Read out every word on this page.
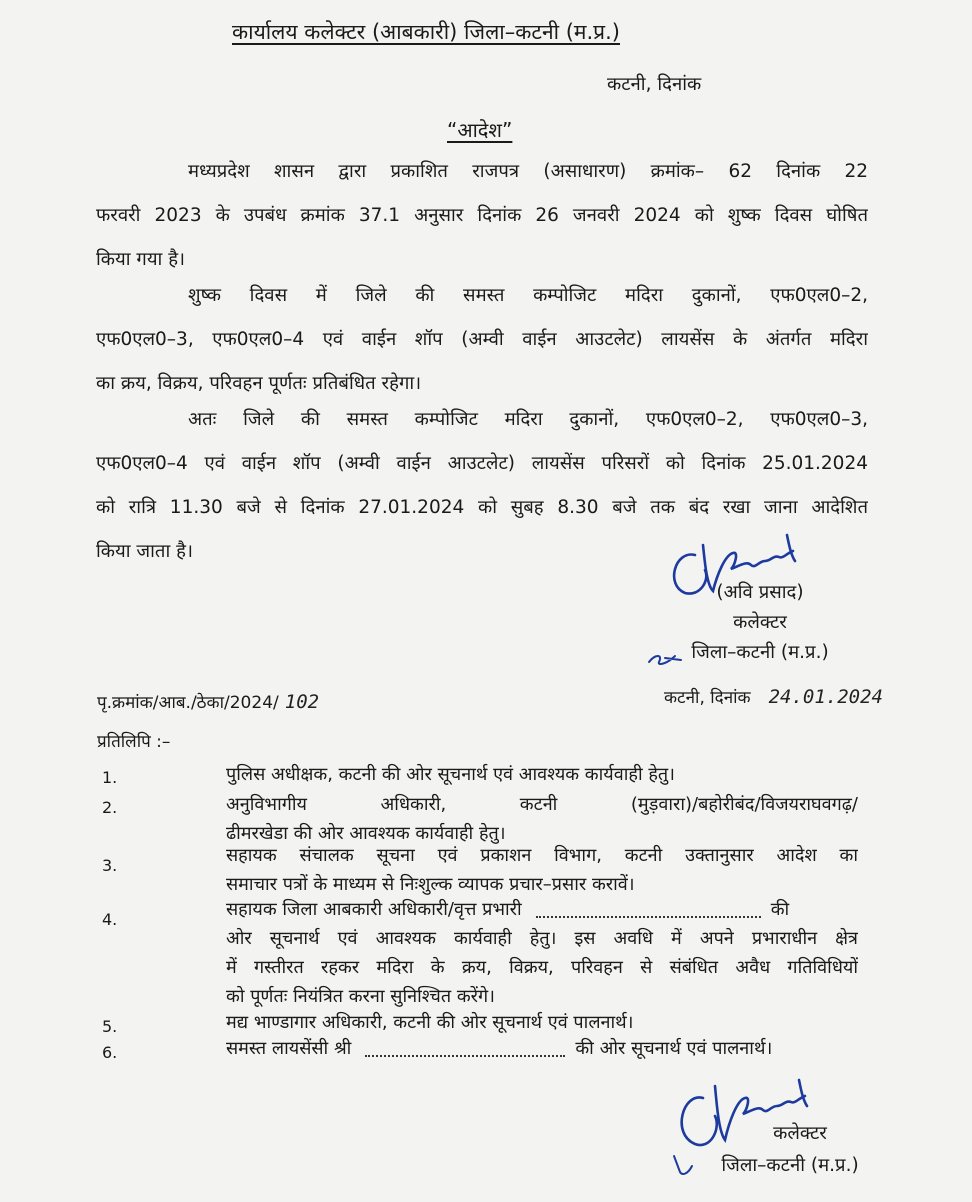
कार्यालय कलेक्टर (आबकारी) जिला–कटनी (म.प्र.)
कटनी, दिनांक
“आदेश”
मध्यप्रदेश शासन द्वारा प्रकाशित राजपत्र (असाधारण) क्रमांक– 62 दिनांक 22
फरवरी 2023 के उपबंध क्रमांक 37.1 अनुसार दिनांक 26 जनवरी 2024 को शुष्क दिवस घोषित
किया गया है।
शुष्क दिवस में जिले की समस्त कम्पोजिट मदिरा दुकानों, एफ0एल0–2,
एफ0एल0–3, एफ0एल0–4 एवं वाईन शॉप (अम्वी वाईन आउटलेट) लायसेंस के अंतर्गत मदिरा
का क्रय, विक्रय, परिवहन पूर्णतः प्रतिबंधित रहेगा।
अतः जिले की समस्त कम्पोजिट मदिरा दुकानों, एफ0एल0–2, एफ0एल0–3,
एफ0एल0–4 एवं वाईन शॉप (अम्वी वाईन आउटलेट) लायसेंस परिसरों को दिनांक 25.01.2024
को रात्रि 11.30 बजे से दिनांक 27.01.2024 को सुबह 8.30 बजे तक बंद रखा जाना आदेशित
किया जाता है।
(अवि प्रसाद)
कलेक्टर
जिला–कटनी (म.प्र.)
पृ.क्रमांक/आब./ठेका/2024/ 102	कटनी, दिनांक 24.01.2024
प्रतिलिपि :–
1.	पुलिस अधीक्षक, कटनी की ओर सूचनार्थ एवं आवश्यक कार्यवाही हेतु।
2.	अनुविभागीय अधिकारी, कटनी (मुड़वारा)/बहोरीबंद/विजयराघवगढ़/
ढीमरखेडा की ओर आवश्यक कार्यवाही हेतु।
3.	सहायक संचालक सूचना एवं प्रकाशन विभाग, कटनी उक्तानुसार आदेश का
समाचार पत्रों के माध्यम से निःशुल्क व्यापक प्रचार–प्रसार करावें।
4.	सहायक जिला आबकारी अधिकारी/वृत्त प्रभारी	की
ओर सूचनार्थ एवं आवश्यक कार्यवाही हेतु। इस अवधि में अपने प्रभाराधीन क्षेत्र
में गस्तीरत रहकर मदिरा के क्रय, विक्रय, परिवहन से संबंधित अवैध गतिविधियों
को पूर्णतः नियंत्रित करना सुनिश्चित करेंगे।
5.	मद्य भाण्डागार अधिकारी, कटनी की ओर सूचनार्थ एवं पालनार्थ।
6.	समस्त लायसेंसी श्री	की ओर सूचनार्थ एवं पालनार्थ।
कलेक्टर
जिला–कटनी (म.प्र.)
